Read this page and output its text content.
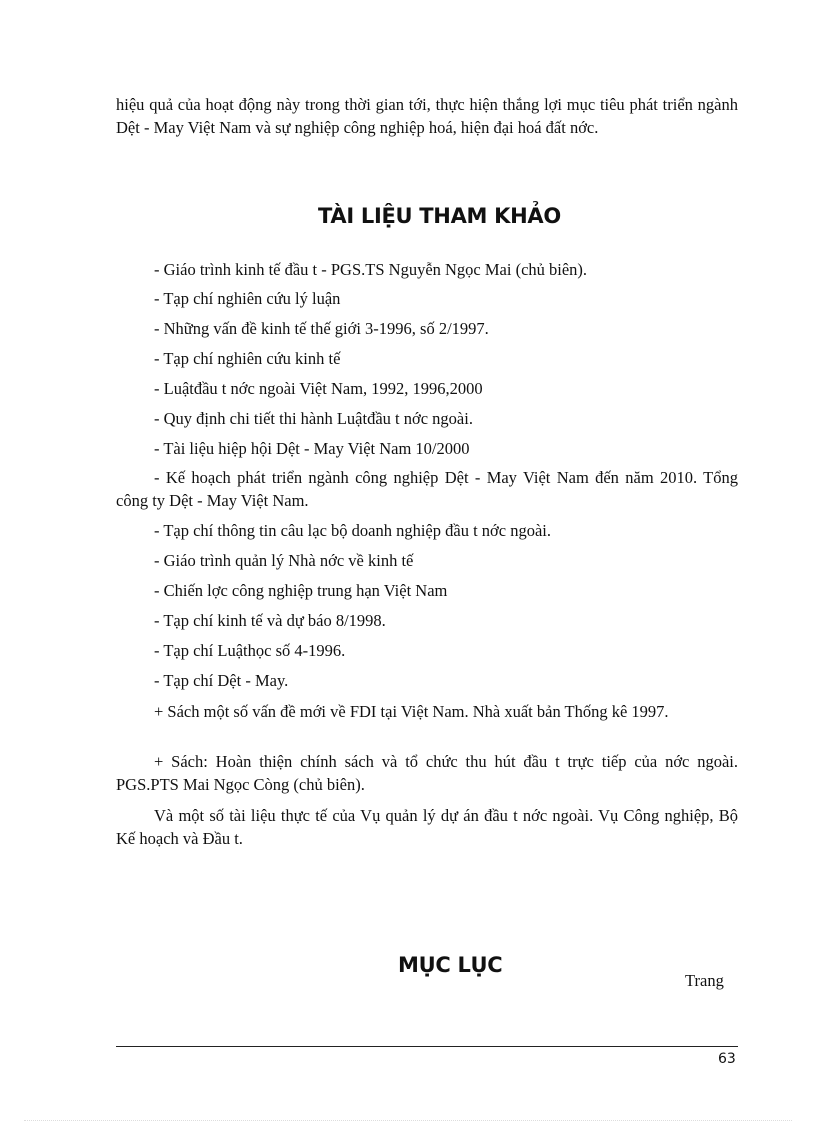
hiệu quả của hoạt động này trong thời gian tới, thực hiện thắng lợi mục tiêu phát triển ngành Dệt - May Việt Nam và sự nghiệp công nghiệp hoá, hiện đại hoá đất nớc.

TÀI LIỆU THAM KHẢO

- Giáo trình kinh tế đầu t - PGS.TS Nguyễn Ngọc Mai (chủ biên).

- Tạp chí nghiên cứu lý luận

- Những vấn đề kinh tế thế giới 3-1996, số 2/1997.

- Tạp chí nghiên cứu kinh tế

- Luậtđầu t nớc ngoài Việt Nam, 1992, 1996,2000

- Quy định chi tiết thi hành Luậtđầu t nớc ngoài.

- Tài liệu hiệp hội Dệt - May Việt Nam 10/2000

- Kế hoạch phát triển ngành công nghiệp Dệt - May Việt Nam đến năm 2010. Tổng công ty Dệt - May Việt Nam.

- Tạp chí thông tin câu lạc bộ doanh nghiệp đầu t nớc ngoài.

- Giáo trình quản lý Nhà nớc về kinh tế

- Chiến lợc công nghiệp trung hạn Việt Nam

- Tạp chí kinh tế và dự báo 8/1998.

- Tạp chí Luậthọc số 4-1996.

- Tạp chí Dệt - May.

+ Sách một số vấn đề mới về FDI tại Việt Nam. Nhà xuất bản Thống kê 1997.

+ Sách: Hoàn thiện chính sách và tổ chức thu hút đầu t trực tiếp của nớc ngoài. PGS.PTS Mai Ngọc Còng (chủ biên).

Và một số tài liệu thực tế của Vụ quản lý dự án đầu t nớc ngoài. Vụ Công nghiệp, Bộ Kế hoạch và Đầu t.

MỤC LỤC

Trang

63
